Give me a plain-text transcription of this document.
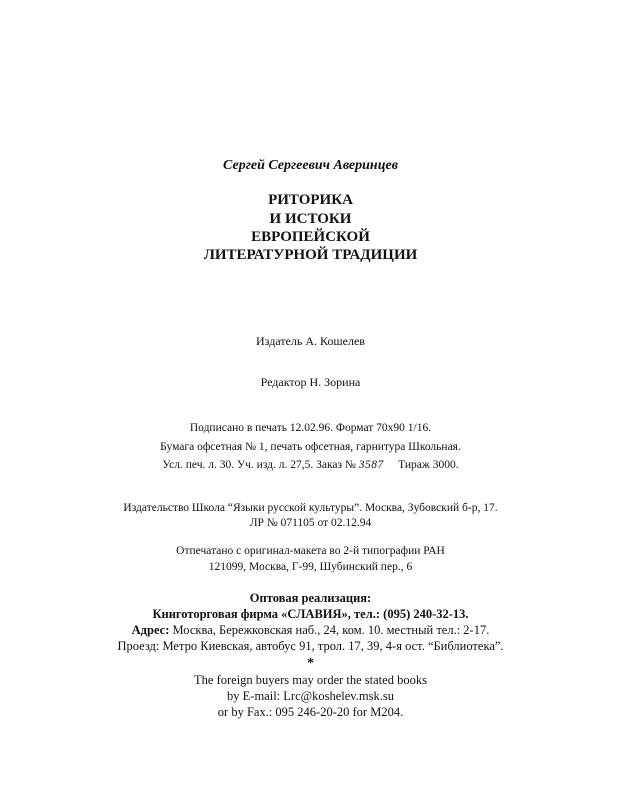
Сергей Сергеевич Аверинцев
РИТОРИКА
И ИСТОКИ
ЕВРОПЕЙСКОЙ
ЛИТЕРАТУРНОЙ ТРАДИЦИИ
Издатель А. Кошелев
Редактор Н. Зорина
Подписано в печать 12.02.96. Формат 70х90 1/16.
Бумага офсетная № 1, печать офсетная, гарнитура Школьная.
Усл. печ. л. 30. Уч. изд. л. 27,5. Заказ № 3587 Тираж 3000.
Издательство Школа “Языки русской культуры”. Москва, Зубовский б-р, 17.
ЛР № 071105 от 02.12.94
Отпечатано с оригинал-макета во 2-й типографии РАН
121099, Москва, Г-99, Шубинский пер., 6
Оптовая реализация:
Книготорговая фирма «СЛАВИЯ», тел.: (095) 240-32-13.
Адрес: Москва, Бережковская наб., 24, ком. 10. местный тел.: 2-17.
Проезд: Метро Киевская, автобус 91, трол. 17, 39, 4-я ост. “Библиотека”.
*
The foreign buyers may order the stated books
by E-mail: Lrc@koshelev.msk.su
or by Fax.: 095 246-20-20 for M204.
